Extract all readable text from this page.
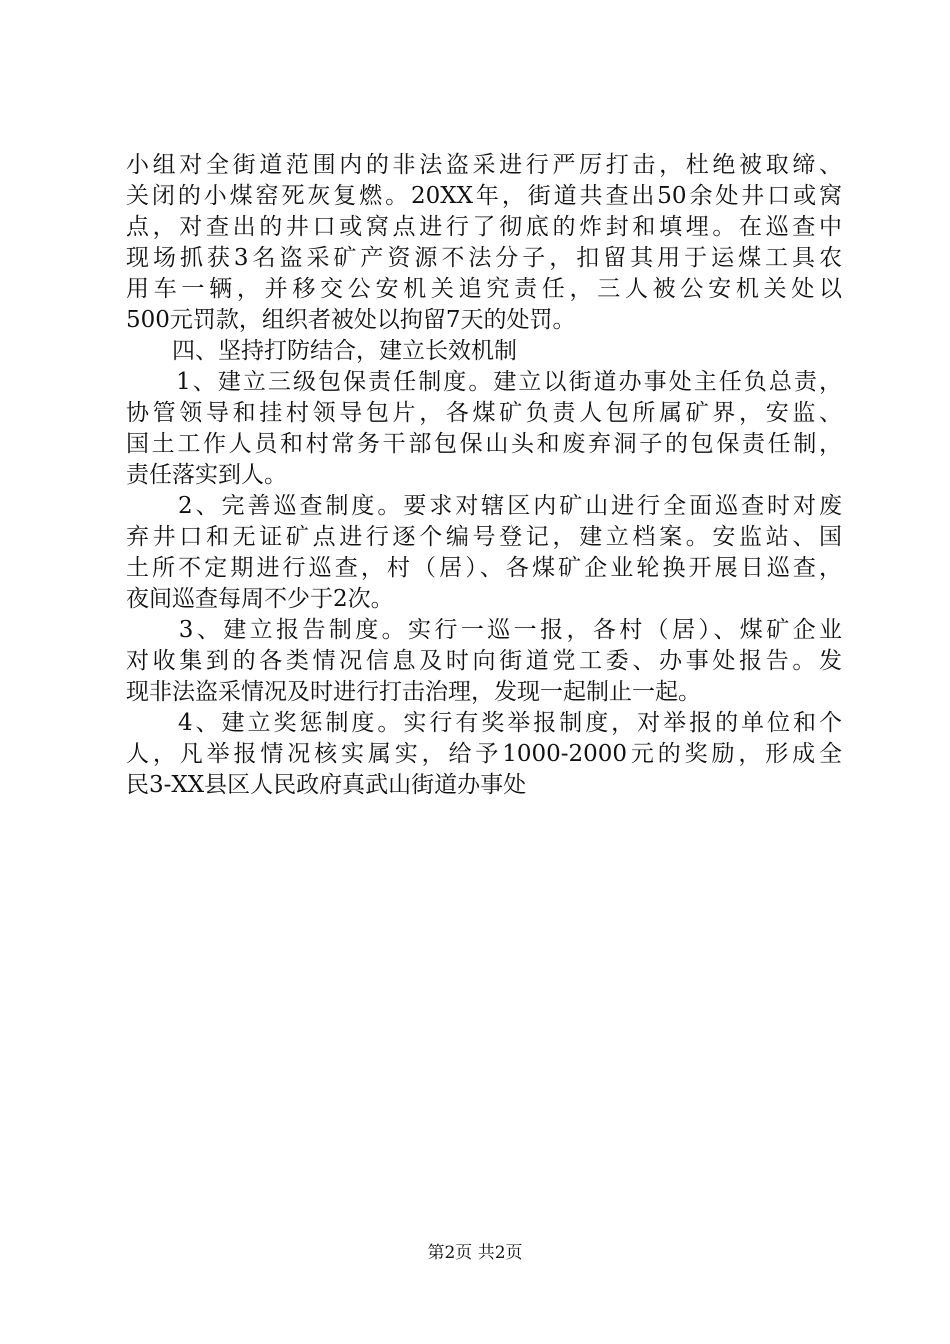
小组对全街道范围内的非法盗采进行严厉打击，杜绝被取缔、
关闭的小煤窑死灰复燃。20XX年，街道共查出50余处井口或窝
点，对查出的井口或窝点进行了彻底的炸封和填埋。在巡查中
现场抓获3名盗采矿产资源不法分子，扣留其用于运煤工具农
用车一辆，并移交公安机关追究责任，三人被公安机关处以
500元罚款，组织者被处以拘留7天的处罚。
　　四、坚持打防结合，建立长效机制
　　1、建立三级包保责任制度。建立以街道办事处主任负总责，
协管领导和挂村领导包片，各煤矿负责人包所属矿界，安监、
国土工作人员和村常务干部包保山头和废弃洞子的包保责任制，
责任落实到人。
　　2、完善巡查制度。要求对辖区内矿山进行全面巡查时对废
弃井口和无证矿点进行逐个编号登记，建立档案。安监站、国
土所不定期进行巡查，村（居）、各煤矿企业轮换开展日巡查，
夜间巡查每周不少于2次。
　　3、建立报告制度。实行一巡一报，各村（居）、煤矿企业
对收集到的各类情况信息及时向街道党工委、办事处报告。发
现非法盗采情况及时进行打击治理，发现一起制止一起。
　　4、建立奖惩制度。实行有奖举报制度，对举报的单位和个
人，凡举报情况核实属实，给予1000-2000元的奖励，形成全
民3-XX县区人民政府真武山街道办事处
第2页 共2页
